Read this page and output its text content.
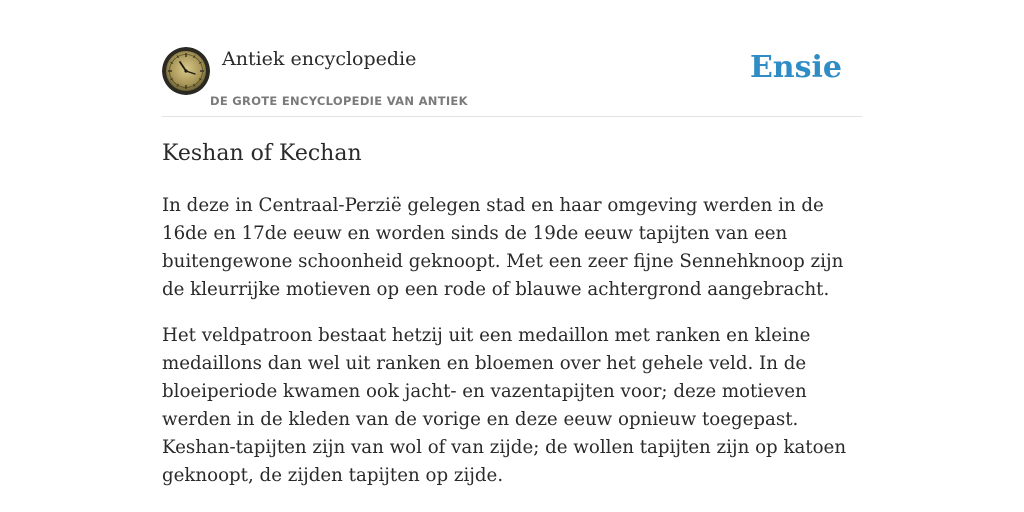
Antiek encyclopedie
DE GROTE ENCYCLOPEDIE VAN ANTIEK
Ensie
Keshan of Kechan

In deze in Centraal-Perzië gelegen stad en haar omgeving werden in de 16de en 17de eeuw en worden sinds de 19de eeuw tapijten van een buitengewone schoonheid geknoopt. Met een zeer fijne Sennehknoop zijn de kleurrijke motieven op een rode of blauwe achtergrond aangebracht.

Het veldpatroon bestaat hetzij uit een medaillon met ranken en kleine medaillons dan wel uit ranken en bloemen over het gehele veld. In de bloeiperiode kwamen ook jacht- en vazentapijten voor; deze motieven werden in de kleden van de vorige en deze eeuw opnieuw toegepast. Keshan-tapijten zijn van wol of van zijde; de wollen tapijten zijn op katoen geknoopt, de zijden tapijten op zijde.
